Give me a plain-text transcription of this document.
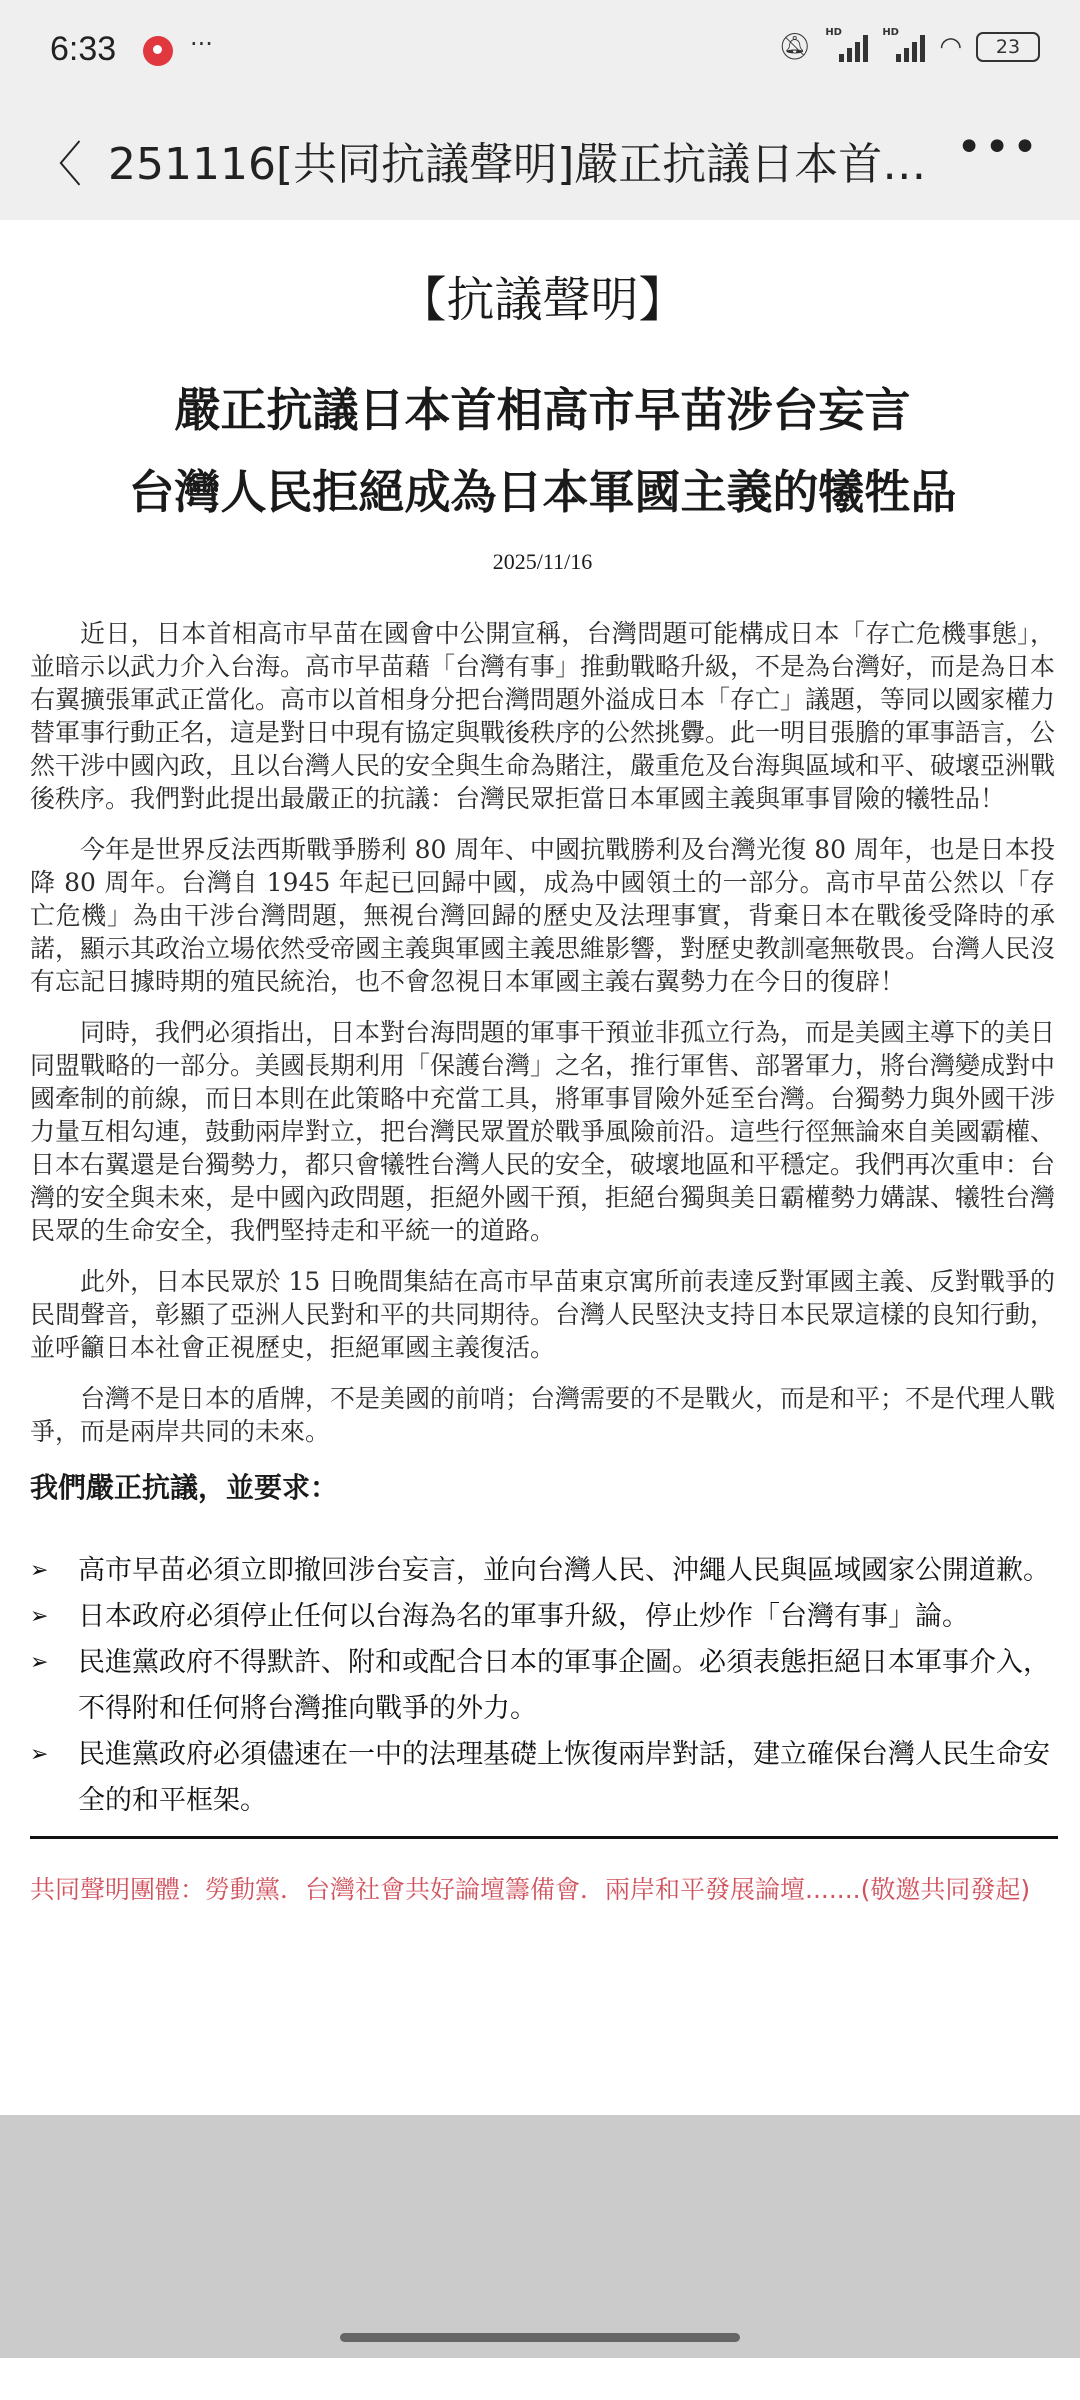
6:33	···	🔕︎ HD	HD ◠	23
〈 251116[共同抗議聲明]嚴正抗議日本首… •••
【抗議聲明】
嚴正抗議日本首相高市早苗涉台妄言
台灣人民拒絕成為日本軍國主義的犧牲品
2025/11/16

近日，日本首相高市早苗在國會中公開宣稱，台灣問題可能構成日本「存亡危機事態」，並暗示以武力介入台海。高市早苗藉「台灣有事」推動戰略升級，不是為台灣好，而是為日本右翼擴張軍武正當化。高市以首相身分把台灣問題外溢成日本「存亡」議題，等同以國家權力替軍事行動正名，這是對日中現有協定與戰後秩序的公然挑釁。此一明目張膽的軍事語言，公然干涉中國內政，且以台灣人民的安全與生命為賭注，嚴重危及台海與區域和平、破壞亞洲戰後秩序。我們對此提出最嚴正的抗議：台灣民眾拒當日本軍國主義與軍事冒險的犧牲品！

今年是世界反法西斯戰爭勝利 80 周年、中國抗戰勝利及台灣光復 80 周年，也是日本投降 80 周年。台灣自 1945 年起已回歸中國，成為中國領土的一部分。高市早苗公然以「存亡危機」為由干涉台灣問題，無視台灣回歸的歷史及法理事實，背棄日本在戰後受降時的承諾，顯示其政治立場依然受帝國主義與軍國主義思維影響，對歷史教訓毫無敬畏。台灣人民沒有忘記日據時期的殖民統治，也不會忽視日本軍國主義右翼勢力在今日的復辟！

同時，我們必須指出，日本對台海問題的軍事干預並非孤立行為，而是美國主導下的美日同盟戰略的一部分。美國長期利用「保護台灣」之名，推行軍售、部署軍力，將台灣變成對中國牽制的前線，而日本則在此策略中充當工具，將軍事冒險外延至台灣。台獨勢力與外國干涉力量互相勾連，鼓動兩岸對立，把台灣民眾置於戰爭風險前沿。這些行徑無論來自美國霸權、日本右翼還是台獨勢力，都只會犧牲台灣人民的安全，破壞地區和平穩定。我們再次重申：台灣的安全與未來，是中國內政問題，拒絕外國干預，拒絕台獨與美日霸權勢力媾謀、犧牲台灣民眾的生命安全，我們堅持走和平統一的道路。

此外，日本民眾於 15 日晚間集結在高市早苗東京寓所前表達反對軍國主義、反對戰爭的民間聲音，彰顯了亞洲人民對和平的共同期待。台灣人民堅決支持日本民眾這樣的良知行動，並呼籲日本社會正視歷史，拒絕軍國主義復活。

台灣不是日本的盾牌，不是美國的前哨；台灣需要的不是戰火，而是和平；不是代理人戰爭，而是兩岸共同的未來。

我們嚴正抗議，並要求：
➢ 高市早苗必須立即撤回涉台妄言，並向台灣人民、沖繩人民與區域國家公開道歉。
➢ 日本政府必須停止任何以台海為名的軍事升級，停止炒作「台灣有事」論。
➢ 民進黨政府不得默許、附和或配合日本的軍事企圖。必須表態拒絕日本軍事介入，不得附和任何將台灣推向戰爭的外力。
➢ 民進黨政府必須儘速在一中的法理基礎上恢復兩岸對話，建立確保台灣人民生命安全的和平框架。
共同聲明團體：勞動黨．台灣社會共好論壇籌備會．兩岸和平發展論壇.......(敬邀共同發起)
